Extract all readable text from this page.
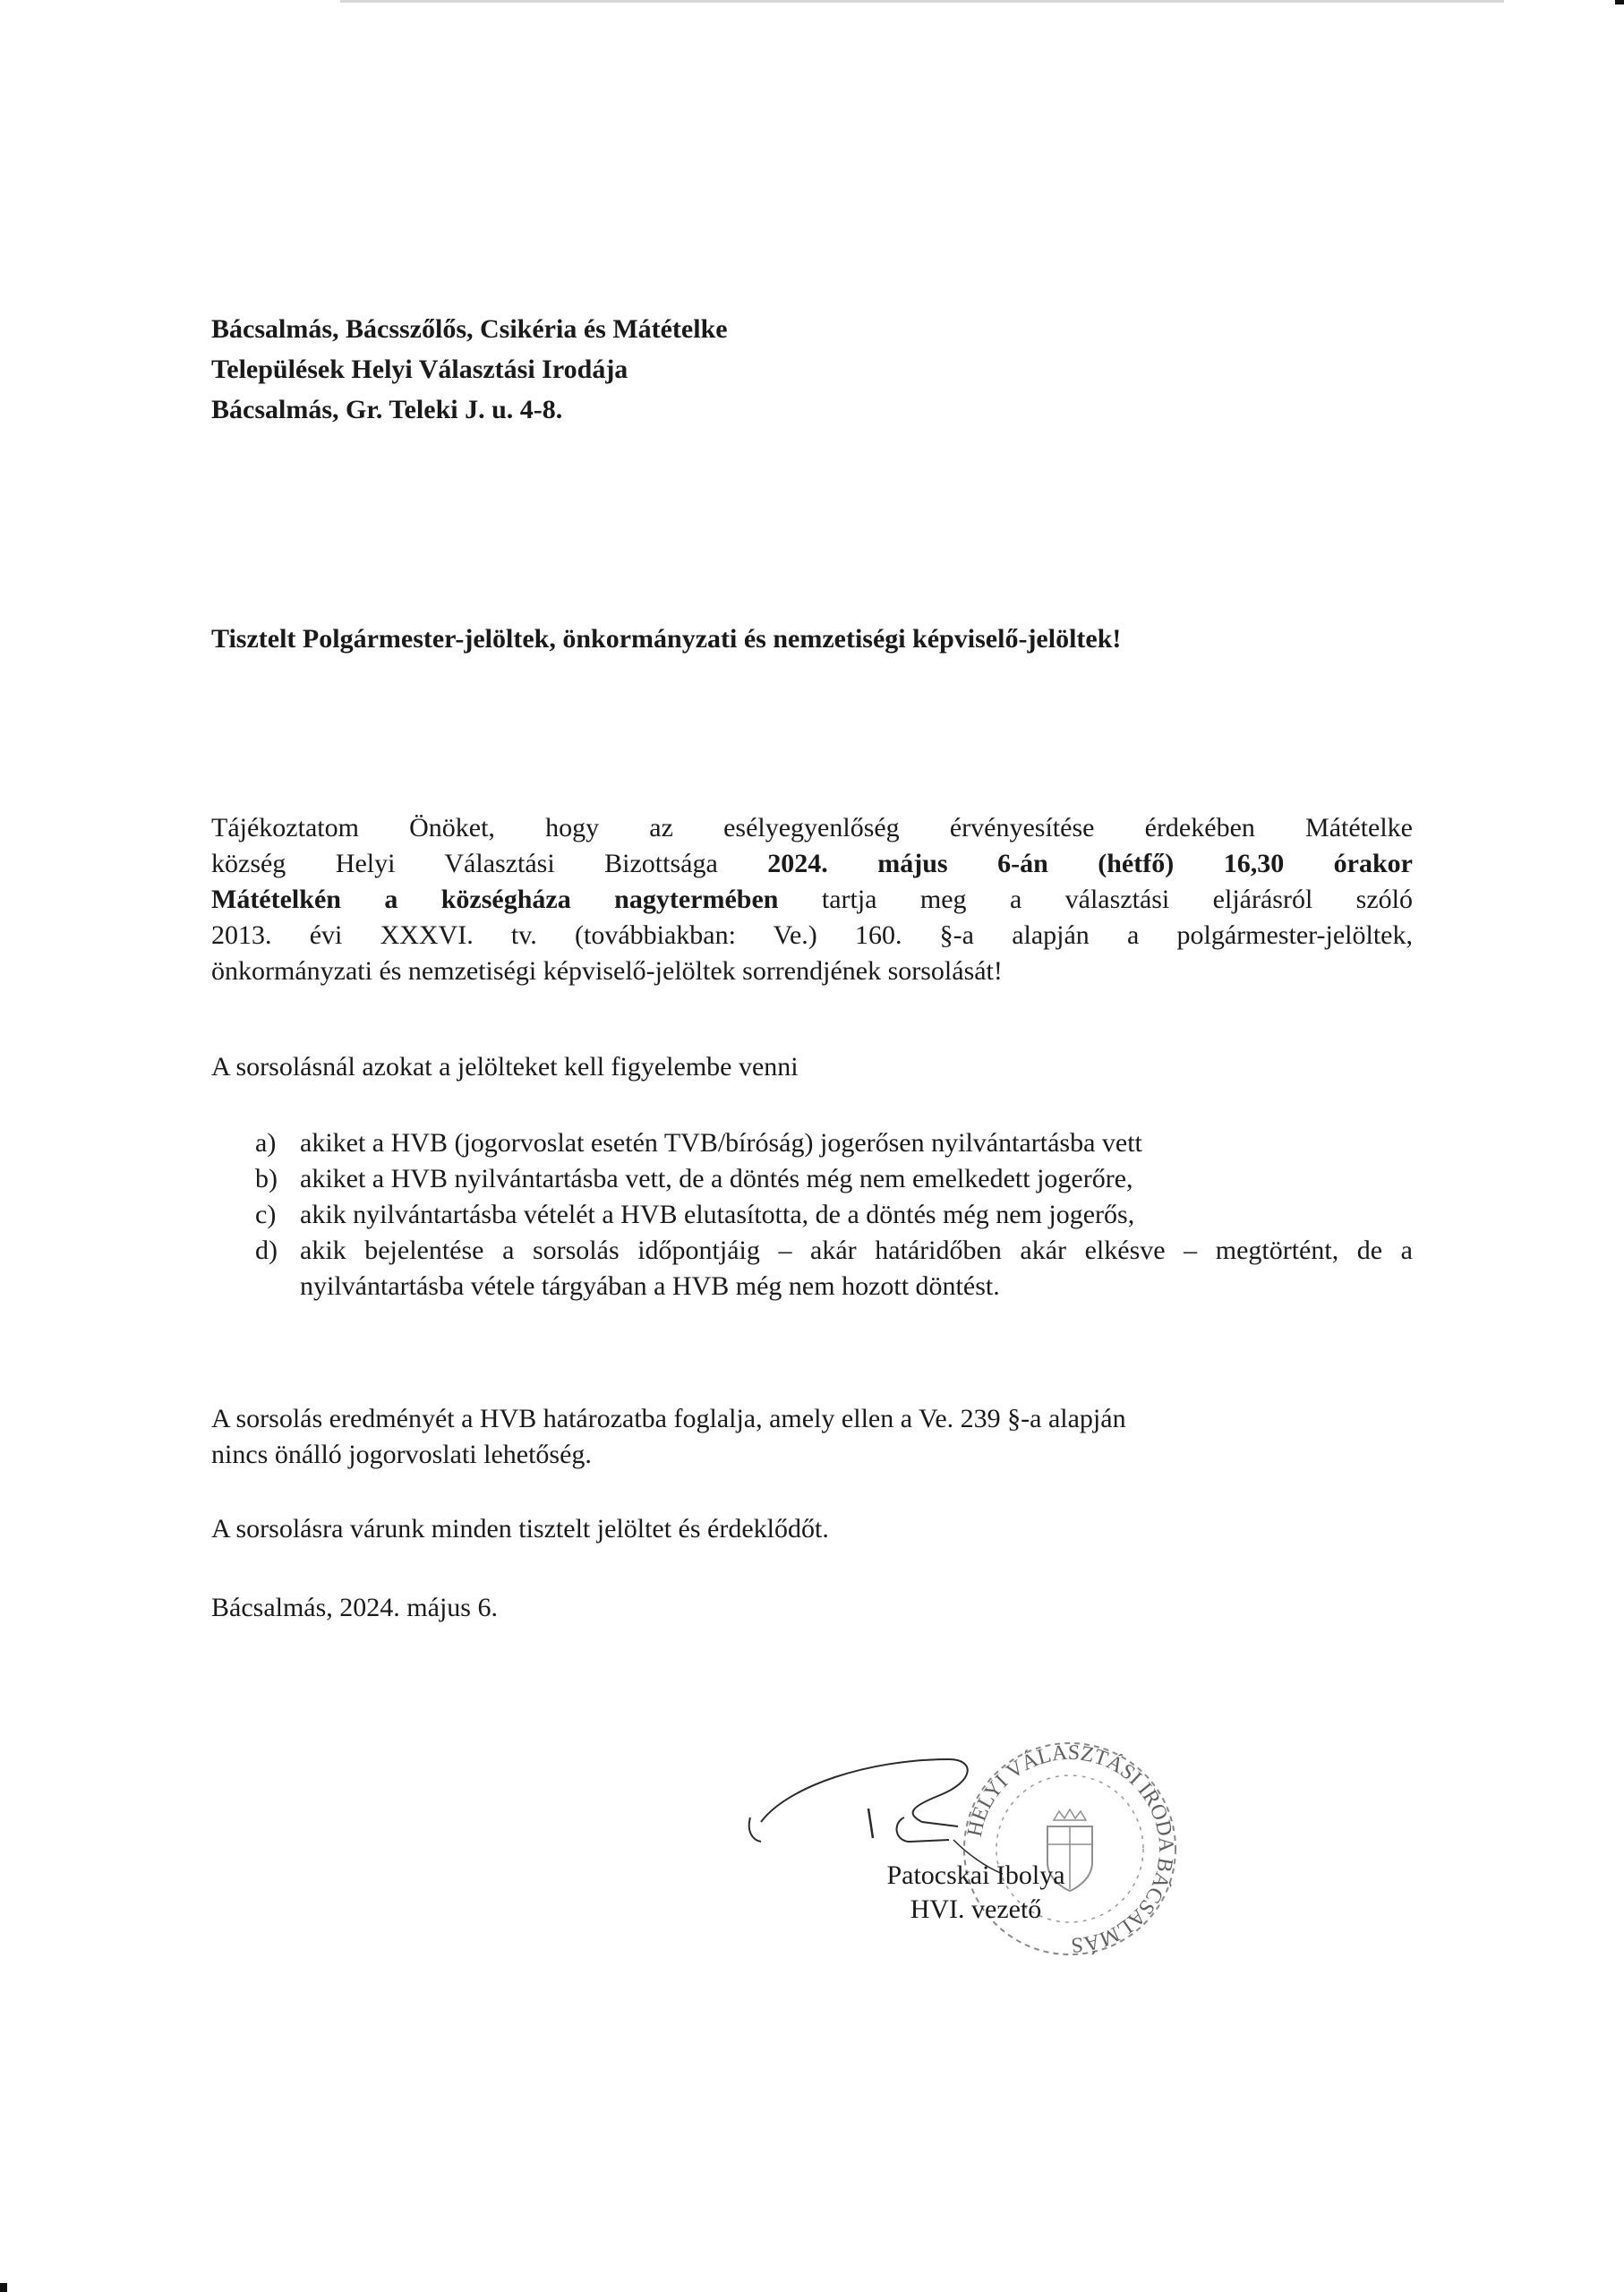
Bácsalmás, Bácsszőlős, Csikéria és Mátételke
Települések Helyi Választási Irodája
Bácsalmás, Gr. Teleki J. u. 4-8.
Tisztelt Polgármester-jelöltek, önkormányzati és nemzetiségi képviselő-jelöltek!
Tájékoztatom Önöket, hogy az esélyegyenlőség érvényesítése érdekében Mátételke
község Helyi Választási Bizottsága 2024. május 6-án (hétfő) 16,30 órakor
Mátételkén a községháza nagytermében tartja meg a választási eljárásról szóló
2013. évi XXXVI. tv. (továbbiakban: Ve.) 160. §-a alapján a polgármester-jelöltek,
önkormányzati és nemzetiségi képviselő-jelöltek sorrendjének sorsolását!
A sorsolásnál azokat a jelölteket kell figyelembe venni
a) akiket a HVB (jogorvoslat esetén TVB/bíróság) jogerősen nyilvántartásba vett
b) akiket a HVB nyilvántartásba vett, de a döntés még nem emelkedett jogerőre,
c) akik nyilvántartásba vételét a HVB elutasította, de a döntés még nem jogerős,
d) akik bejelentése a sorsolás időpontjáig – akár határidőben akár elkésve – megtörtént, de a nyilvántartásba vétele tárgyában a HVB még nem hozott döntést.
A sorsolás eredményét a HVB határozatba foglalja, amely ellen a Ve. 239 §-a alapján
nincs önálló jogorvoslati lehetőség.
A sorsolásra várunk minden tisztelt jelöltet és érdeklődőt.
Bácsalmás, 2024. május 6.
HELYI VÁLASZTÁSI IRODA BÁCSALMÁS
Patocskai Ibolya
HVI. vezető
